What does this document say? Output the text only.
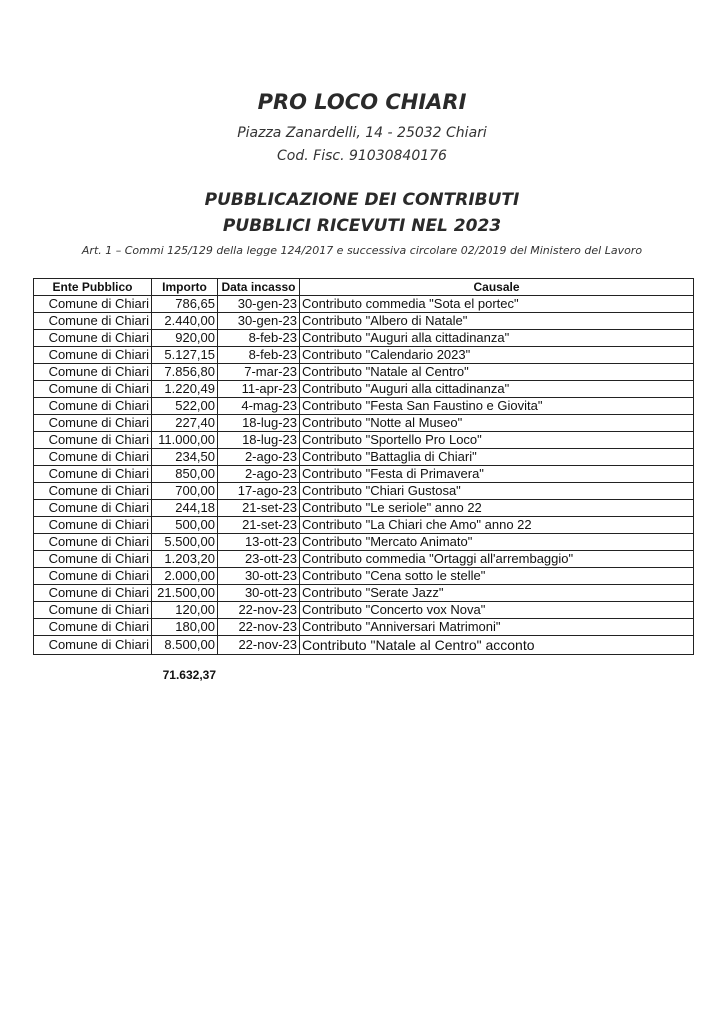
PRO LOCO CHIARI
Piazza Zanardelli, 14 - 25032 Chiari
Cod. Fisc. 91030840176
PUBBLICAZIONE DEI CONTRIBUTI
PUBBLICI RICEVUTI NEL 2023
Art. 1 – Commi 125/129 della legge 124/2017 e successiva circolare 02/2019 del Ministero del Lavoro
Ente Pubblico	Importo	Data incasso	Causale
Comune di Chiari	786,65	30-gen-23	Contributo commedia "Sota el portec"
Comune di Chiari	2.440,00	30-gen-23	Contributo "Albero di Natale"
Comune di Chiari	920,00	8-feb-23	Contributo "Auguri alla cittadinanza"
Comune di Chiari	5.127,15	8-feb-23	Contributo "Calendario 2023"
Comune di Chiari	7.856,80	7-mar-23	Contributo "Natale al Centro"
Comune di Chiari	1.220,49	11-apr-23	Contributo "Auguri alla cittadinanza"
Comune di Chiari	522,00	4-mag-23	Contributo "Festa San Faustino e Giovita"
Comune di Chiari	227,40	18-lug-23	Contributo "Notte al Museo"
Comune di Chiari	11.000,00	18-lug-23	Contributo "Sportello Pro Loco"
Comune di Chiari	234,50	2-ago-23	Contributo "Battaglia di Chiari"
Comune di Chiari	850,00	2-ago-23	Contributo "Festa di Primavera"
Comune di Chiari	700,00	17-ago-23	Contributo "Chiari Gustosa"
Comune di Chiari	244,18	21-set-23	Contributo "Le seriole" anno 22
Comune di Chiari	500,00	21-set-23	Contributo "La Chiari che Amo" anno 22
Comune di Chiari	5.500,00	13-ott-23	Contributo "Mercato Animato"
Comune di Chiari	1.203,20	23-ott-23	Contributo commedia "Ortaggi all'arrembaggio"
Comune di Chiari	2.000,00	30-ott-23	Contributo "Cena sotto le stelle"
Comune di Chiari	21.500,00	30-ott-23	Contributo "Serate Jazz"
Comune di Chiari	120,00	22-nov-23	Contributo "Concerto vox Nova"
Comune di Chiari	180,00	22-nov-23	Contributo "Anniversari Matrimoni"
Comune di Chiari	8.500,00	22-nov-23	Contributo "Natale al Centro" acconto
71.632,37
